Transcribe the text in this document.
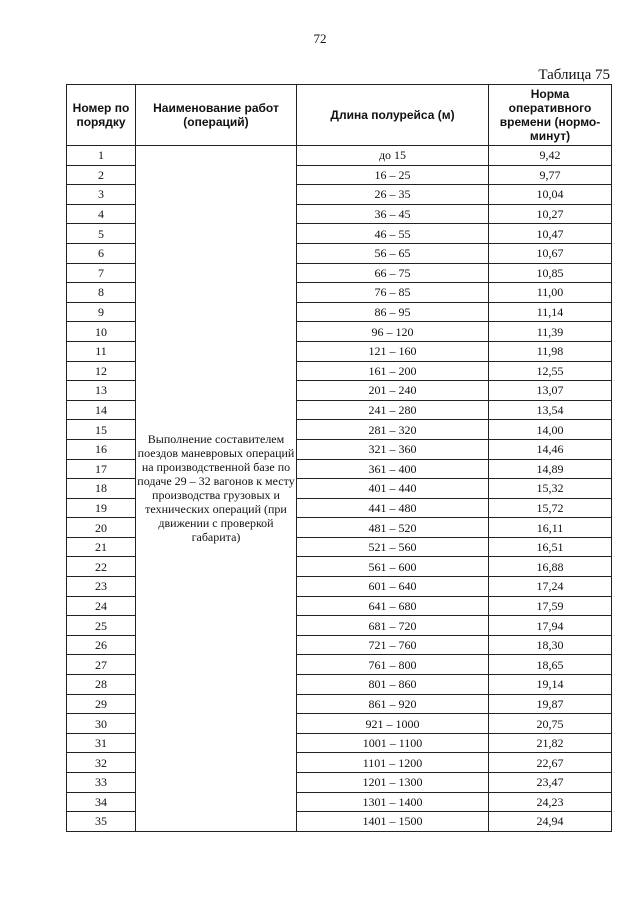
72
Таблица 75
Номер по порядку	Наименование работ (операций)	Длина полурейса (м)	Норма оперативного времени (нормо-минут)
1	Выполнение составителем поездов маневровых операций на производственной базе по подаче 29 – 32 вагонов к месту производства грузовых и технических операций (при движении с проверкой габарита)	до 15	9,42
2		16 – 25	9,77
3		26 – 35	10,04
4		36 – 45	10,27
5		46 – 55	10,47
6		56 – 65	10,67
7		66 – 75	10,85
8		76 – 85	11,00
9		86 – 95	11,14
10		96 – 120	11,39
11		121 – 160	11,98
12		161 – 200	12,55
13		201 – 240	13,07
14		241 – 280	13,54
15		281 – 320	14,00
16		321 – 360	14,46
17		361 – 400	14,89
18		401 – 440	15,32
19		441 – 480	15,72
20		481 – 520	16,11
21		521 – 560	16,51
22		561 – 600	16,88
23		601 – 640	17,24
24		641 – 680	17,59
25		681 – 720	17,94
26		721 – 760	18,30
27		761 – 800	18,65
28		801 – 860	19,14
29		861 – 920	19,87
30		921 – 1000	20,75
31		1001 – 1100	21,82
32		1101 – 1200	22,67
33		1201 – 1300	23,47
34		1301 – 1400	24,23
35		1401 – 1500	24,94
